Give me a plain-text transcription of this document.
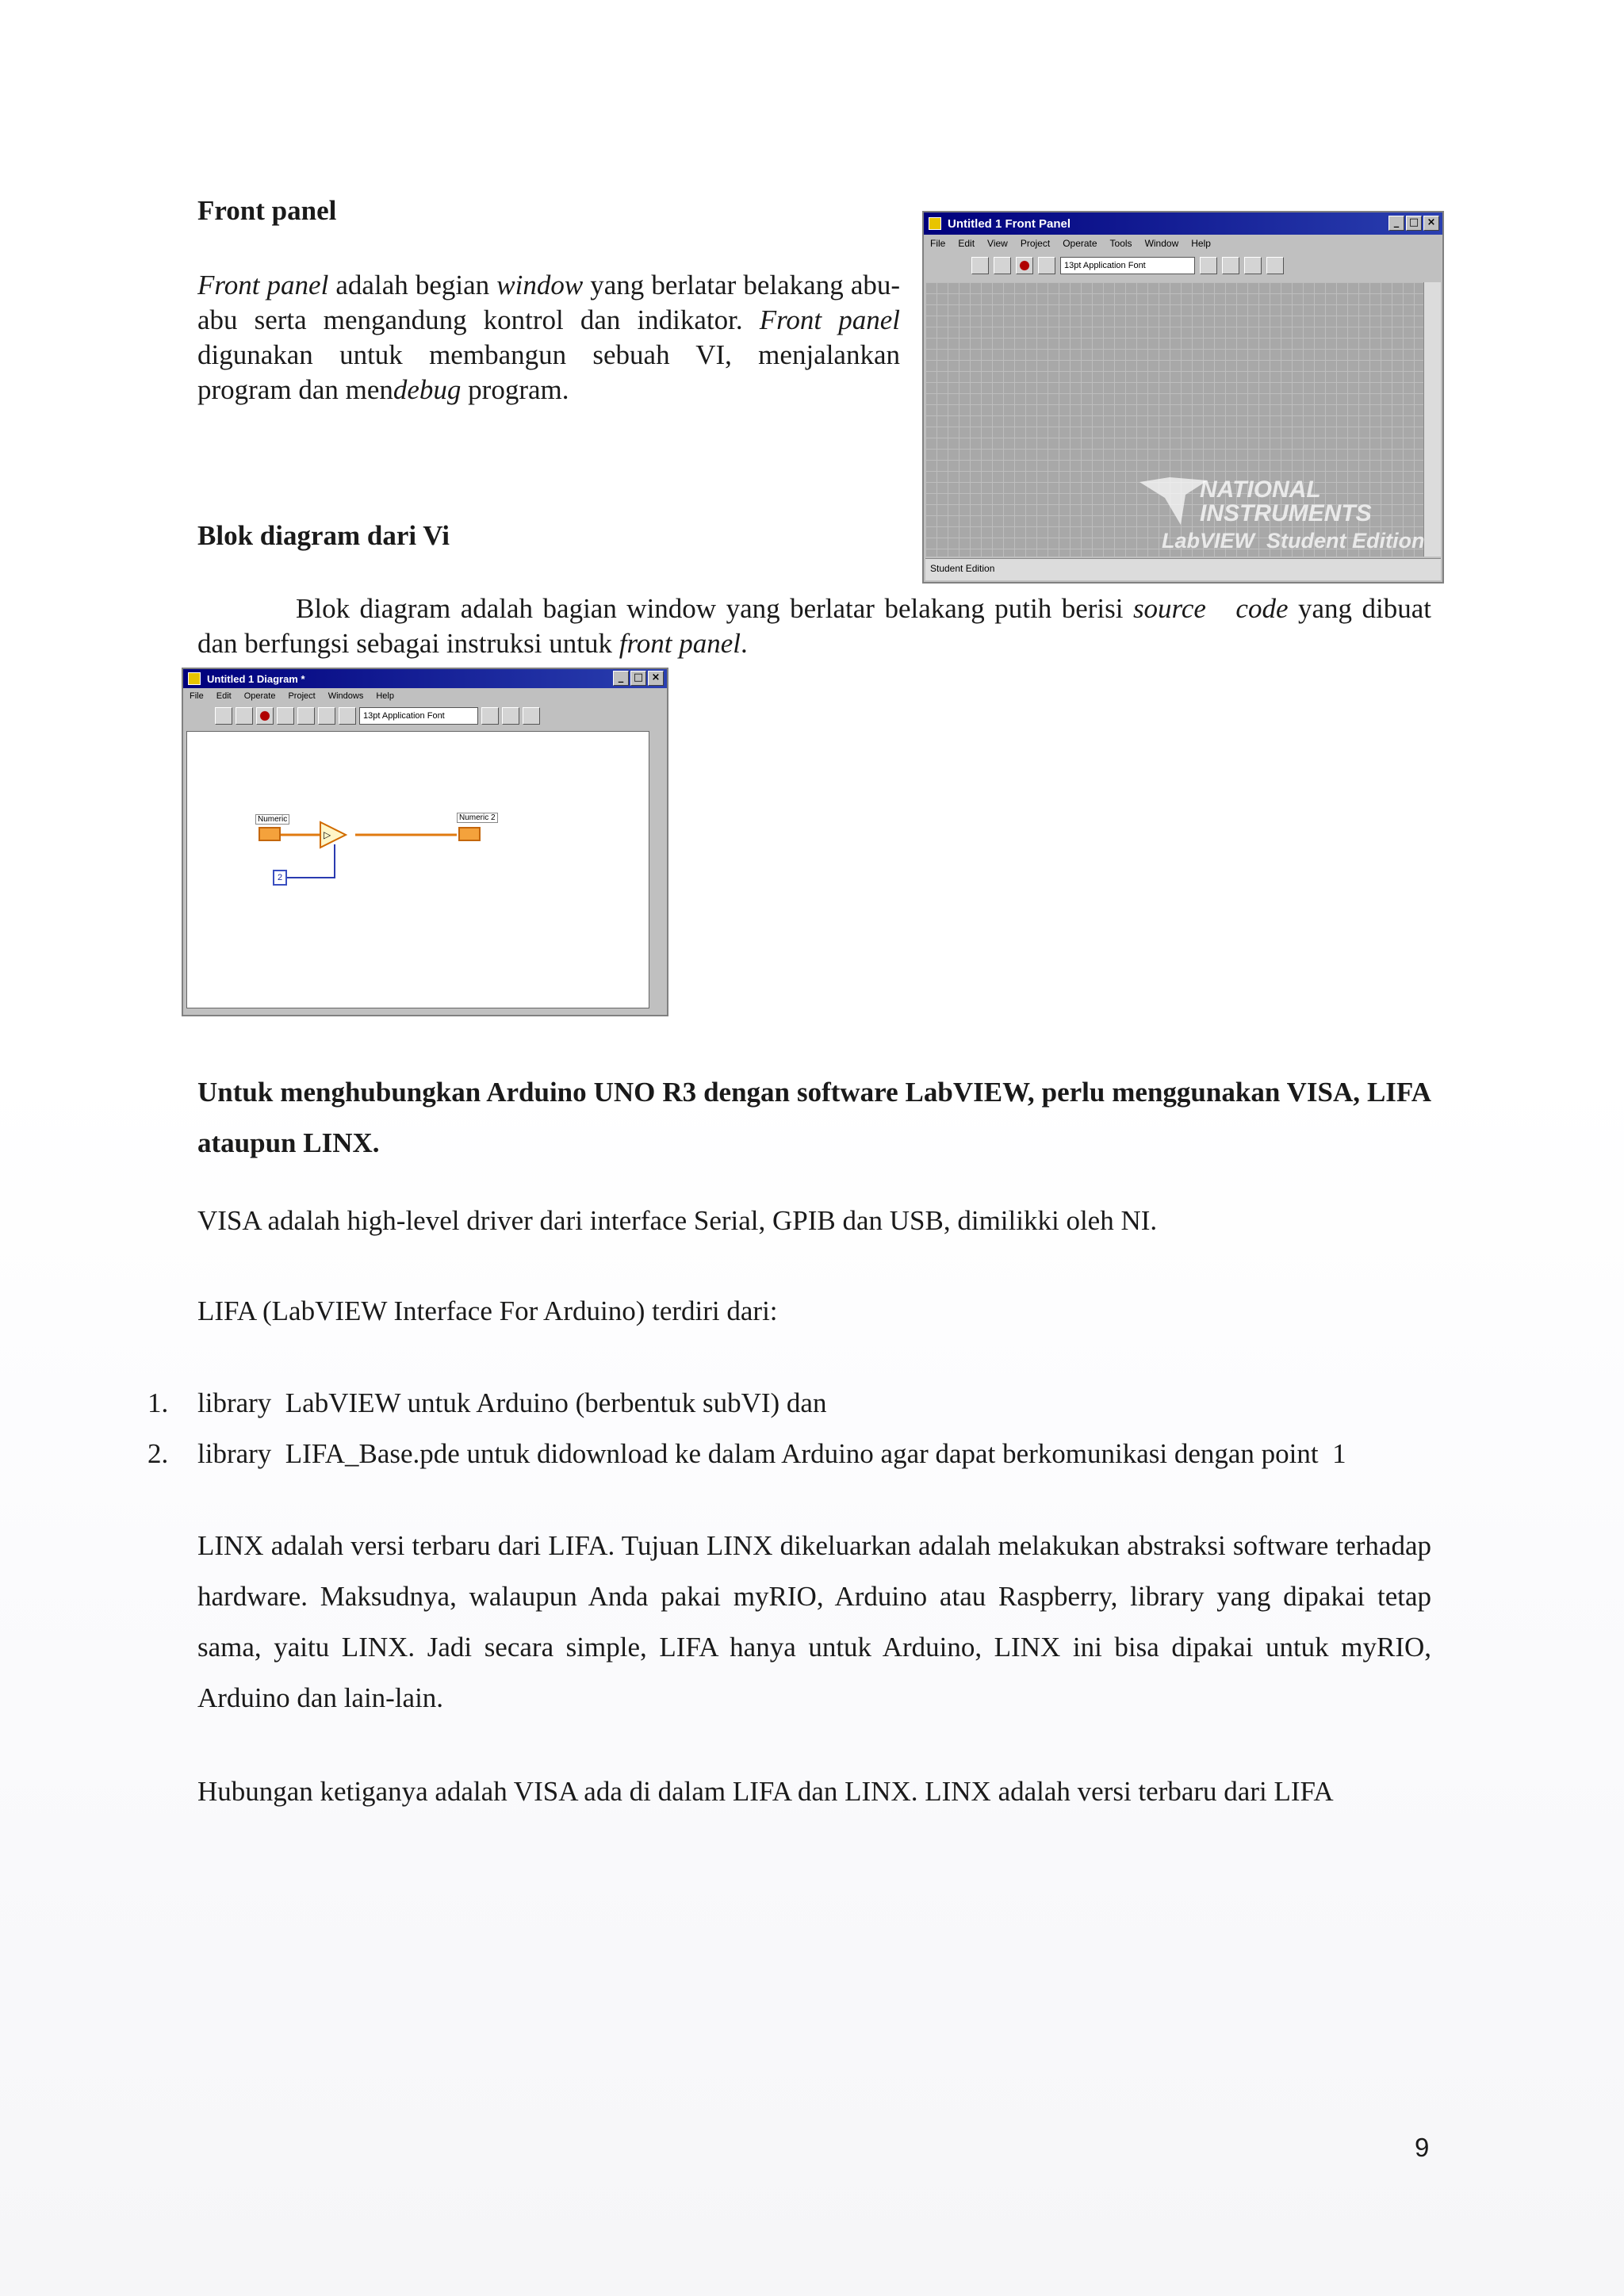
Front panel
Front panel adalah begian window yang berlatar belakang abu-abu serta mengandung kontrol dan indikator. Front panel digunakan untuk membangun sebuah VI, menjalankan program dan mendebug program.
Untitled 1 Front Panel	_ □ ×
File Edit View Project Operate Tools Window Help
13pt Application Font
Student Edition
NATIONAL
INSTRUMENTS
LabVIEW  Student Edition
Blok diagram dari Vi
Blok diagram adalah bagian window yang berlatar belakang putih berisi source   code yang dibuat dan berfungsi sebagai instruksi untuk front panel.
Untitled 1 Diagram *	_ □ ×
File Edit Operate Project Windows Help
13pt Application Font
▷
Numeric	Numeric 2
2
Untuk menghubungkan Arduino UNO R3 dengan software LabVIEW, perlu menggunakan VISA, LIFA ataupun LINX.
VISA adalah high-level driver dari interface Serial, GPIB dan USB, dimilikki oleh NI.
LIFA (LabVIEW Interface For Arduino) terdiri dari:
1. library  LabVIEW untuk Arduino (berbentuk subVI) dan
2. library  LIFA_Base.pde untuk didownload ke dalam Arduino agar dapat berkomunikasi dengan point  1
LINX adalah versi terbaru dari LIFA. Tujuan LINX dikeluarkan adalah melakukan abstraksi software terhadap hardware. Maksudnya, walaupun Anda pakai myRIO, Arduino atau Raspberry, library yang dipakai tetap sama, yaitu LINX. Jadi secara simple, LIFA hanya untuk Arduino, LINX ini bisa dipakai untuk myRIO, Arduino dan lain-lain.
Hubungan ketiganya adalah VISA ada di dalam LIFA dan LINX. LINX adalah versi terbaru dari LIFA
9
